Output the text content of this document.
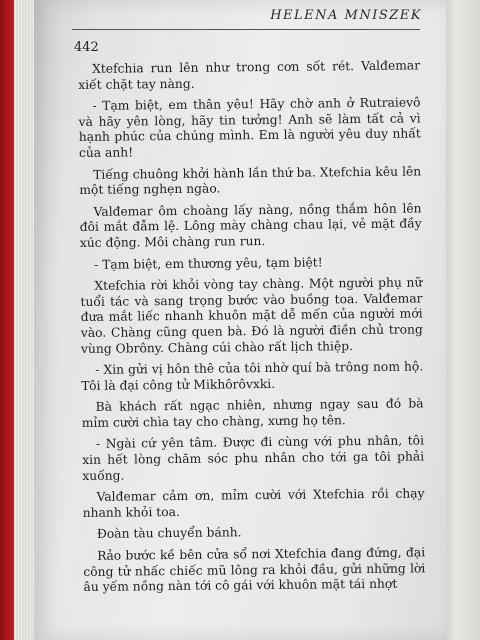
HELENA MNISZEK
442

Xtefchia run lên như trong cơn sốt rét. Valđemar xiết chặt tay nàng.

- Tạm biệt, em thân yêu! Hãy chờ anh ở Rutraievô và hãy yên lòng, hãy tin tưởng! Anh sẽ làm tất cả vì hạnh phúc của chúng mình. Em là người yêu duy nhất của anh!

Tiếng chuông khởi hành lần thứ ba. Xtefchia kêu lên một tiếng nghẹn ngào.

Valđemar ôm choàng lấy nàng, nồng thắm hôn lên đôi mắt đẫm lệ. Lông mày chàng chau lại, vẻ mặt đầy xúc động. Môi chàng run run.

- Tạm biệt, em thương yêu, tạm biệt!

Xtefchia rời khỏi vòng tay chàng. Một người phụ nữ tuổi tác và sang trọng bước vào buồng toa. Valđemar đưa mắt liếc nhanh khuôn mặt dễ mến của người mới vào. Chàng cũng quen bà. Đó là người điền chủ trong vùng Obrôny. Chàng cúi chào rất lịch thiệp.

- Xin gửi vị hôn thê của tôi nhờ quí bà trông nom hộ. Tôi là đại công tử Mikhôrôvxki.

Bà khách rất ngạc nhiên, nhưng ngay sau đó bà mỉm cười chìa tay cho chàng, xưng họ tên.

- Ngài cứ yên tâm. Được đi cùng với phu nhân, tôi xin hết lòng chăm sóc phu nhân cho tới ga tôi phải xuống.

Valđemar cảm ơn, mỉm cười với Xtefchia rồi chạy nhanh khỏi toa.

Đoàn tàu chuyển bánh.

Rảo bước kề bên cửa sổ nơi Xtefchia đang đứng, đại công tử nhấc chiếc mũ lông ra khỏi đầu, gửi những lời âu yếm nồng nàn tới cô gái với khuôn mặt tái nhợt
